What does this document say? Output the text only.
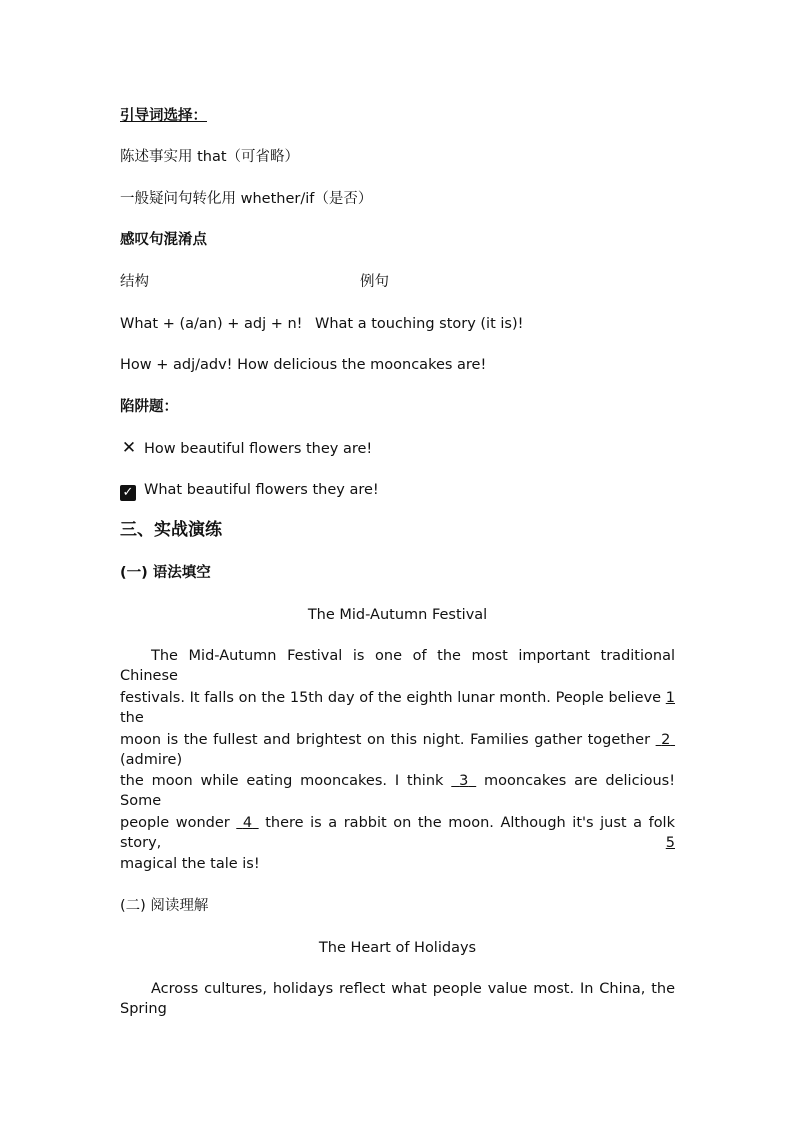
引导词选择：
陈述事实用 that（可省略）
一般疑问句转化用 whether/if（是否）
感叹句混淆点
结构	例句
What + (a/an) + adj + n! What a touching story (it is)!
How + adj/adv! How delicious the mooncakes are!
陷阱题：
✕ How beautiful flowers they are!
✓ What beautiful flowers they are!
三、实战演练
(一) 语法填空
The Mid-Autumn Festival
The Mid-Autumn Festival is one of the most important traditional Chinese
festivals. It falls on the 15th day of the eighth lunar month. People believe 1 the
moon is the fullest and brightest on this night. Families gather together  2  (admire)
the moon while eating mooncakes. I think  3  mooncakes are delicious! Some
people wonder  4  there is a rabbit on the moon. Although it's just a folk story, 5
magical the tale is!
(二) 阅读理解
The Heart of Holidays
Across cultures, holidays reflect what people value most. In China, the Spring
